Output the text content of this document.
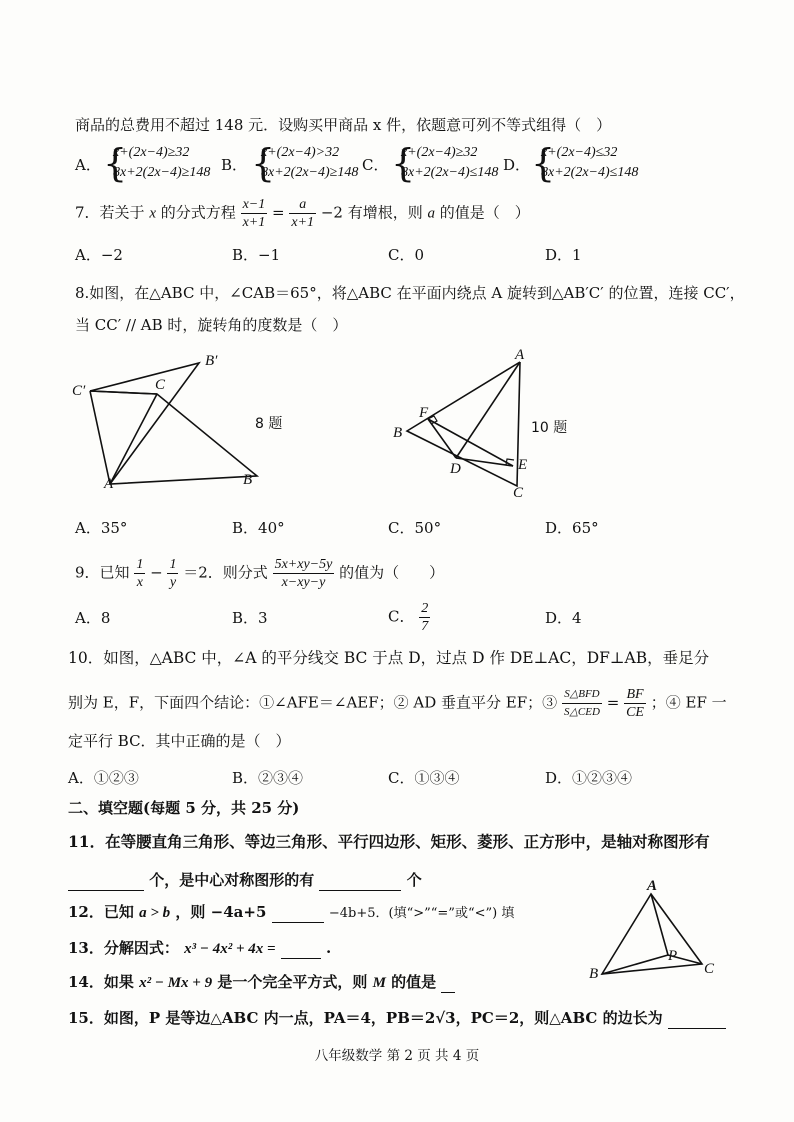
商品的总费用不超过 148 元．设购买甲商品 x 件，依题意可列不等式组得（　）
A． {
x+(2x−4)≥32
8x+2(2x−4)≥148 B． {
x+(2x−4)>32
8x+2(2x−4)≥148 C． {
x+(2x−4)≥32
8x+2(2x−4)≤148 D． {
x+(2x−4)≤32
8x+2(2x−4)≤148
7．若关于 x 的分式方程 $\frac{x-1}{x+1} = \frac{a}{x+1} -2$ 有增根，则 a 的值是（　）
A．−2	B．−1	C．0	D．1
8.如图，在△ABC 中，∠CAB＝65°，将△ABC 在平面内绕点 A 旋转到△AB′C′ 的位置，连接 CC′，
当 CC′ // AB 时，旋转角的度数是（　）
C′	C
B′
A	B
8 题
A
F
B
D	E
C
10 题
A．35°	B．40°	C．50°	D．65°
9．已知 $\frac{1}{x} - \frac{1}{y} =2$．则分式 $\frac{5x+xy-5y}{x-xy-y}$ 的值为（　　）
A．8	B．3	C． $\frac{2}{7}$	D．4
10．如图，△ABC 中，∠A 的平分线交 BC 于点 D，过点 D 作 DE⊥AC，DF⊥AB，垂足分
别为 E，F，下面四个结论：①∠AFE＝∠AEF；② AD 垂直平分 EF；③ $\frac{\text{S△BFD}}{\text{S△CED}} = \frac{BF}{CE}$ ；④ EF 一
定平行 BC．其中正确的是（　）
A．①②③	B．②③④	C．①③④	D．①②③④
二、填空题(每题 5 分，共 25 分)
11．在等腰直角三角形、等边三角形、平行四边形、矩形、菱形、正方形中，是轴对称图形有
个，是中心对称图形的有	个
12．已知 a > b ，则 −4a+5	−4b+5．(填“>”“=”或“<”) 填
13．分解因式： x³ − 4x² + 4x =	.
14．如果 x² − Mx + 9 是一个完全平方式，则 M 的值是
A
B	C
P
15．如图，P 是等边△ABC 内一点，PA＝4，PB＝2√3，PC＝2，则△ABC 的边长为
八年级数学 第 2 页 共 4 页
